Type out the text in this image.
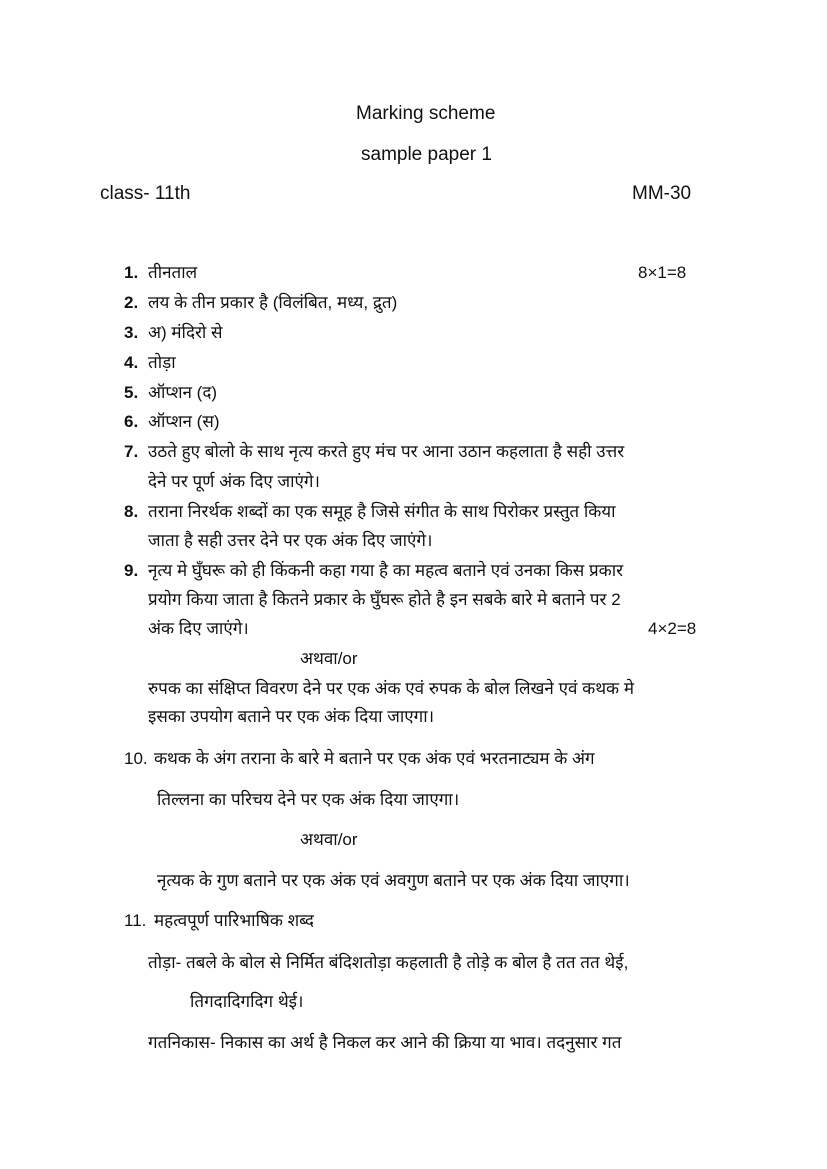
Marking scheme
sample paper 1
class- 11th	MM-30
1. तीनताल	8×1=8
2. लय के तीन प्रकार है (विलंबित, मध्य, द्रुत)
3. अ) मंदिरो से
4. तोड़ा
5. ऑप्शन (द)
6. ऑप्शन (स)
7. उठते हुए बोलो के साथ नृत्य करते हुए मंच पर आना उठान कहलाता है सही उत्तर
देने पर पूर्ण अंक दिए जाएंगे।
8. तराना निरर्थक शब्दों का एक समूह है जिसे संगीत के साथ पिरोकर प्रस्तुत किया
जाता है सही उत्तर देने पर एक अंक दिए जाएंगे।
9. नृत्य मे घुँघरू को ही किंकनी कहा गया है का महत्व बताने एवं उनका किस प्रकार
प्रयोग किया जाता है कितने प्रकार के घुँघरू होते है इन सबके बारे मे बताने पर 2
अंक दिए जाएंगे।	4×2=8
अथवा/or
रुपक का संक्षिप्त विवरण देने पर एक अंक एवं रुपक के बोल लिखने एवं कथक मे
इसका उपयोग बताने पर एक अंक दिया जाएगा।
10. कथक के अंग तराना के बारे मे बताने पर एक अंक एवं भरतनाट्यम के अंग
तिल्लना का परिचय देने पर एक अंक दिया जाएगा।
अथवा/or
नृत्यक के गुण बताने पर एक अंक एवं अवगुण बताने पर एक अंक दिया जाएगा।
11. महत्वपूर्ण पारिभाषिक शब्द
तोड़ा- तबले के बोल से निर्मित बंदिशतोड़ा कहलाती है तोड़े क बोल है तत तत थेई,
तिगदादिगदिग थेई।
गतनिकास- निकास का अर्थ है निकल कर आने की क्रिया या भाव। तदनुसार गत
